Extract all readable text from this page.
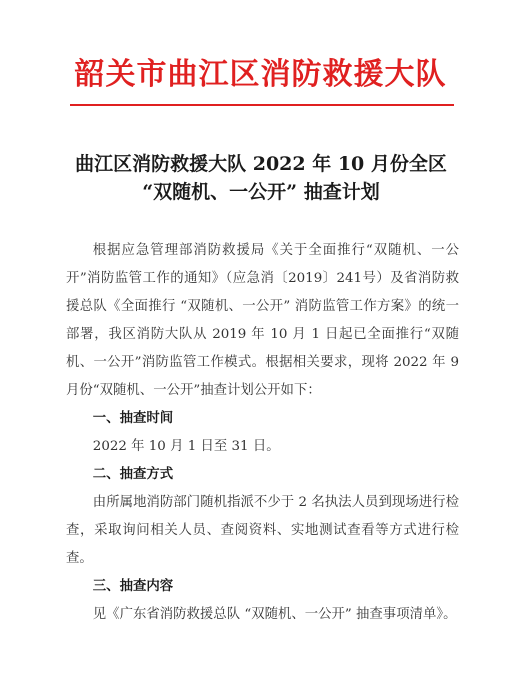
韶关市曲江区消防救援大队
曲江区消防救援大队 2022 年 10 月份全区
“双随机、一公开” 抽查计划

根据应急管理部消防救援局《关于全面推行“双随机、一公开”消防监管工作的通知》（应急消〔2019〕241号）及省消防救援总队《全面推行 “双随机、一公开” 消防监管工作方案》的统一部署，我区消防大队从 2019 年 10 月 1 日起已全面推行“双随机、一公开”消防监管工作模式。根据相关要求，现将 2022 年 9 月份“双随机、一公开”抽查计划公开如下：

一、抽查时间

2022 年 10 月 1 日至 31 日。

二、抽查方式

由所属地消防部门随机指派不少于 2 名执法人员到现场进行检查，采取询问相关人员、查阅资料、实地测试查看等方式进行检查。

三、抽查内容

见《广东省消防救援总队 “双随机、一公开” 抽查事项清单》。
